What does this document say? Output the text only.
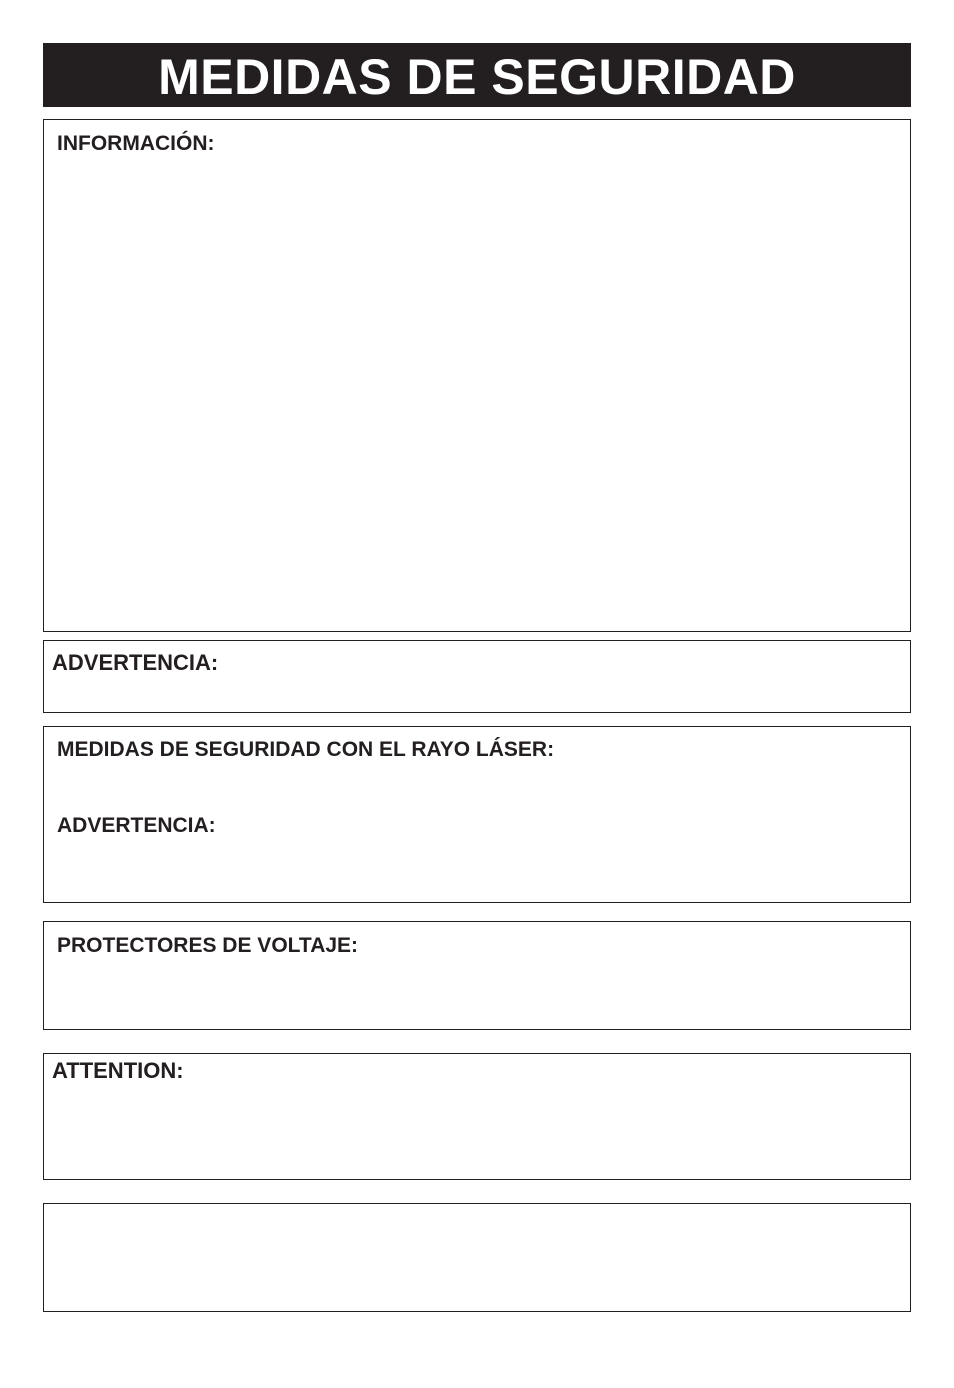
MEDIDAS DE SEGURIDAD
INFORMACIÓN:
ADVERTENCIA:
MEDIDAS DE SEGURIDAD CON EL RAYO LÁSER:
ADVERTENCIA:
PROTECTORES DE VOLTAJE:
ATTENTION:
